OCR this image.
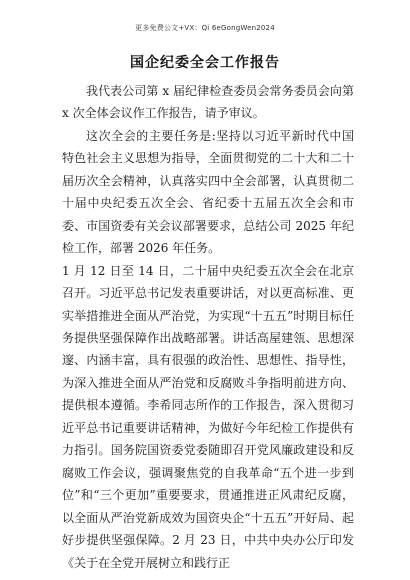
更多免费公文+VX：Qi 6eGongWen2024
国企纪委全会工作报告

我代表公司第 x 届纪律检查委员会常务委员会向第 x 次全体会议作工作报告，请予审议。

这次全会的主要任务是:坚持以习近平新时代中国特色社会主义思想为指导，全面贯彻党的二十大和二十届历次全会精神，认真落实四中全会部署，认真贯彻二十届中央纪委五次全会、省纪委十五届五次全会和市委、市国资委有关会议部署要求，总结公司 2025 年纪检工作，部署 2026 年任务。

1 月 12 日至 14 日，二十届中央纪委五次全会在北京召开。习近平总书记发表重要讲话，对以更高标准、更实举措推进全面从严治党，为实现“十五五”时期目标任务提供坚强保障作出战略部署。讲话高屋建瓴、思想深邃、内涵丰富，具有很强的政治性、思想性、指导性，为深入推进全面从严治党和反腐败斗争指明前进方向、提供根本遵循。李希同志所作的工作报告，深入贯彻习近平总书记重要讲话精神，为做好今年纪检工作提供有力指引。国务院国资委党委随即召开党风廉政建设和反腐败工作会议，强调聚焦党的自我革命“五个进一步到位”和“三个更加”重要要求，贯通推进正风肃纪反腐，以全面从严治党新成效为国资央企“十五五”开好局、起好步提供坚强保障。2 月 23 日，中共中央办公厅印发《关于在全党开展树立和践行正
